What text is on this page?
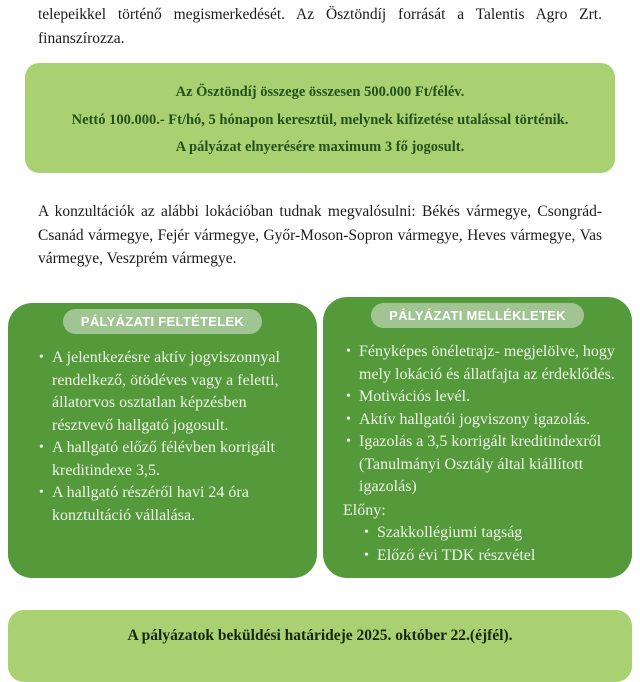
telepeikkel történő megismerkedését. Az Ösztöndíj forrását a Talentis Agro Zrt. finanszírozza.

Az Ösztöndíj összege összesen 500.000 Ft/félév.
Nettó 100.000.- Ft/hó, 5 hónapon keresztül, melynek kifizetése utalással történik.
A pályázat elnyerésére maximum 3 fő jogosult.

A konzultációk az alábbi lokációban tudnak megvalósulni: Békés vármegye, Csongrád-Csanád vármegye, Fejér vármegye, Győr-Moson-Sopron vármegye, Heves vármegye, Vas vármegye, Veszprém vármegye.

PÁLYÁZATI FELTÉTELEK
• A jelentkezésre aktív jogviszonnyal rendelkező, ötödéves vagy a feletti, állatorvos osztatlan képzésben résztvevő hallgató jogosult.
• A hallgató előző félévben korrigált kreditindexe 3,5.
• A hallgató részéről havi 24 óra konztultáció vállalása.
PÁLYÁZATI MELLÉKLETEK
• Fényképes önéletrajz- megjelölve, hogy mely lokáció és állatfajta az érdeklődés.
• Motivációs levél.
• Aktív hallgatói jogviszony igazolás.
• Igazolás a 3,5 korrigált kreditindexről (Tanulmányi Osztály által kiállított igazolás)
Előny:
• Szakkollégiumi tagság
• Előző évi TDK részvétel
A pályázatok beküldési határideje 2025. október 22.(éjfél).
